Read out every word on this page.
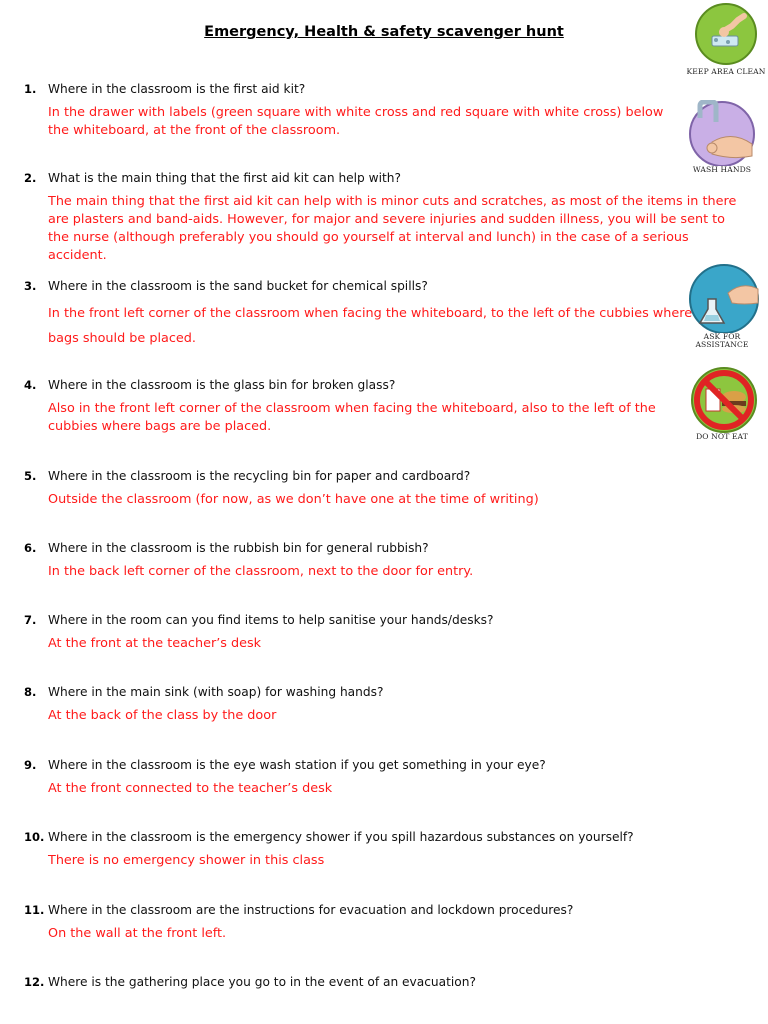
Emergency, Health & safety scavenger hunt
1. Where in the classroom is the first aid kit?
In the drawer with labels (green square with white cross and red square with white cross) below the whiteboard, at the front of the classroom.
2. What is the main thing that the first aid kit can help with?
The main thing that the first aid kit can help with is minor cuts and scratches, as most of the items in there are plasters and band-aids. However, for major and severe injuries and sudden illness, you will be sent to the nurse (although preferably you should go yourself at interval and lunch) in the case of a serious accident.
3. Where in the classroom is the sand bucket for chemical spills?
In the front left corner of the classroom when facing the whiteboard, to the left of the cubbies where bags should be placed.
4. Where in the classroom is the glass bin for broken glass?
Also in the front left corner of the classroom when facing the whiteboard, also to the left of the cubbies where bags are be placed.
5. Where in the classroom is the recycling bin for paper and cardboard?
Outside the classroom (for now, as we don’t have one at the time of writing)
6. Where in the classroom is the rubbish bin for general rubbish?
In the back left corner of the classroom, next to the door for entry.
7. Where in the room can you find items to help sanitise your hands/desks?
At the front at the teacher’s desk
8. Where in the main sink (with soap) for washing hands?
At the back of the class by the door
9. Where in the classroom is the eye wash station if you get something in your eye?
At the front connected to the teacher’s desk
10. Where in the classroom is the emergency shower if you spill hazardous substances on yourself?
There is no emergency shower in this class
11. Where in the classroom are the instructions for evacuation and lockdown procedures?
On the wall at the front left.
12. Where is the gathering place you go to in the event of an evacuation?
KEEP AREA CLEAN
WASH HANDS
ASK FOR ASSISTANCE
DO NOT EAT
